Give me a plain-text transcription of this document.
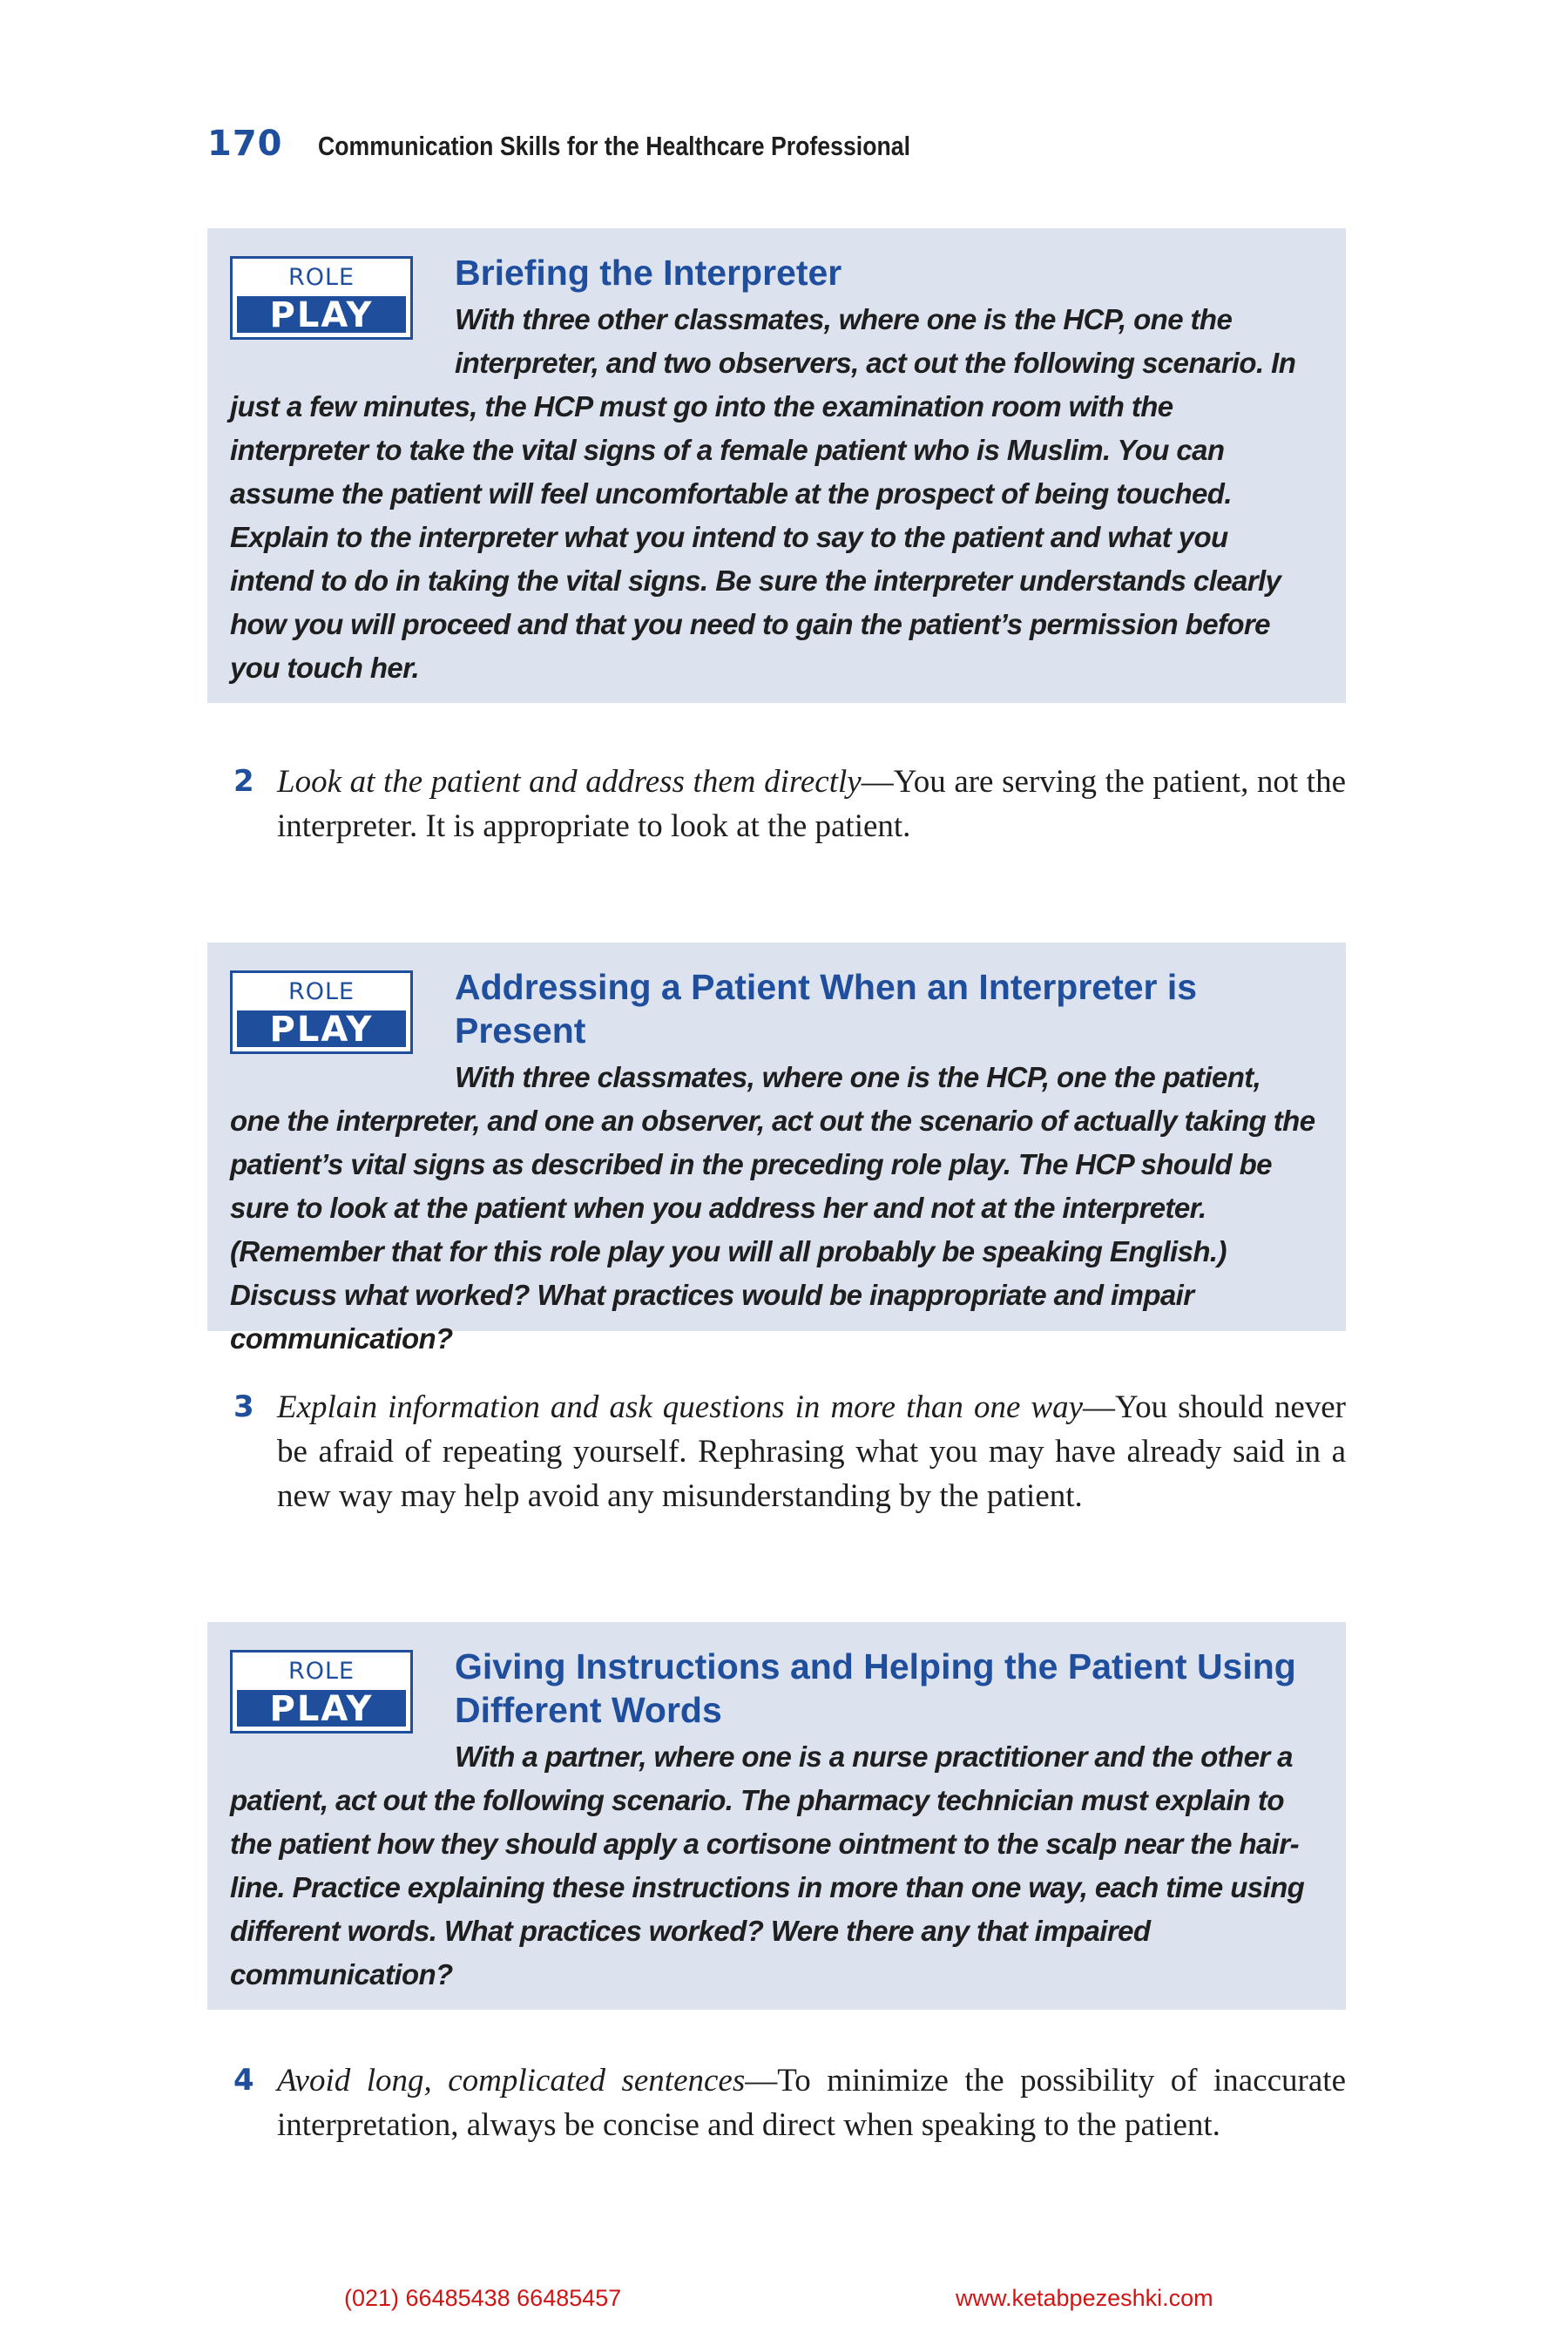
170 Communication Skills for the Healthcare Professional
ROLE
PLAY
Briefing the Interpreter

With three other classmates, where one is the HCP, one the interpreter, and two observers, act out the following scenario. In just a few minutes, the HCP must go into the examination room with the interpreter to take the vital signs of a female patient who is Muslim. You can assume the patient will feel uncomfortable at the prospect of being touched. Explain to the interpreter what you intend to say to the patient and what you intend to do in taking the vital signs. Be sure the interpreter understands clearly how you will proceed and that you need to gain the patient’s permission before you touch her.

2 Look at the patient and address them directly—You are serving the patient, not the interpreter. It is appropriate to look at the patient.
ROLE
PLAY
Addressing a Patient When an Interpreter is Present

With three classmates, where one is the HCP, one the patient, one the interpreter, and one an observer, act out the scenario of actually taking the patient’s vital signs as described in the preceding role play. The HCP should be sure to look at the patient when you address her and not at the interpreter. (Remember that for this role play you will all probably be speaking English.) Discuss what worked? What practices would be inappropriate and impair communication?

3 Explain information and ask questions in more than one way—You should never be afraid of repeating yourself. Rephrasing what you may have already said in a new way may help avoid any misunderstanding by the patient.
ROLE
PLAY
Giving Instructions and Helping the Patient Using Different Words

With a partner, where one is a nurse practitioner and the other a patient, act out the following scenario. The pharmacy technician must explain to the patient how they should apply a cortisone ointment to the scalp near the hair-line. Practice explaining these instructions in more than one way, each time using different words. What practices worked? Were there any that impaired communication?

4 Avoid long, complicated sentences—To minimize the possibility of inaccurate interpretation, always be concise and direct when speaking to the patient.
(021) 66485438 66485457	www.ketabpezeshki.com
